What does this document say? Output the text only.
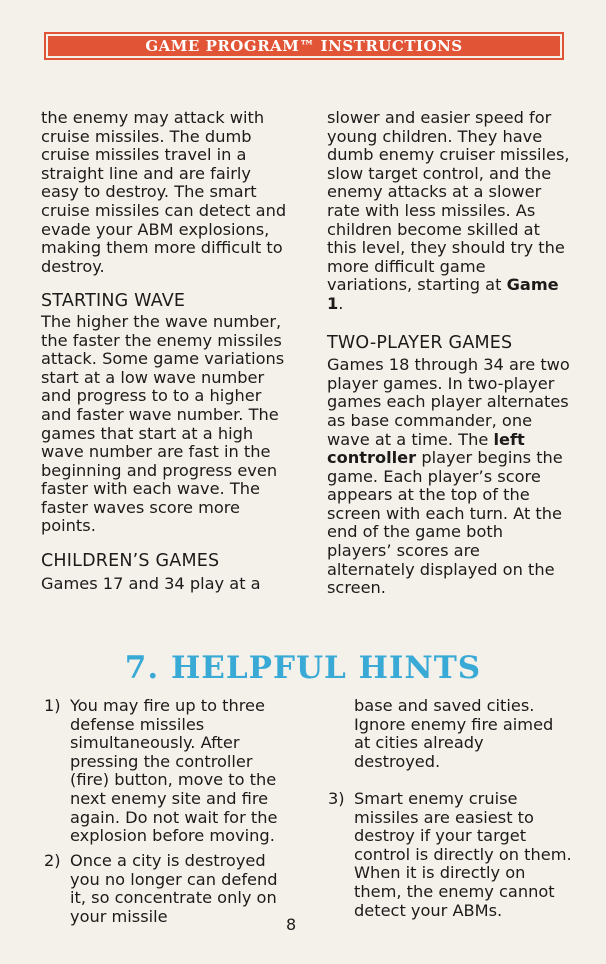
GAME PROGRAM™ INSTRUCTIONS

the enemy may attack with cruise missiles. The dumb cruise missiles travel in a straight line and are fairly easy to destroy. The smart cruise missiles can detect and evade your ABM explosions, making them more difficult to destroy.

STARTING WAVE

The higher the wave number, the faster the enemy missiles attack. Some game variations start at a low wave number and progress to to a higher and faster wave number. The games that start at a high wave number are fast in the beginning and progress even faster with each wave. The faster waves score more points.

CHILDREN’S GAMES

Games 17 and 34 play at a

slower and easier speed for young children. They have dumb enemy cruiser missiles, slow target control, and the enemy attacks at a slower rate with less missiles. As children become skilled at this level, they should try the more difficult game variations, starting at Game 1.

TWO-PLAYER GAMES

Games 18 through 34 are two player games. In two-player games each player alternates as base commander, one wave at a time. The left controller player begins the game. Each player’s score appears at the top of the screen with each turn. At the end of the game both players’ scores are alternately displayed on the screen.

7. HELPFUL HINTS
1) You may fire up to three defense missiles simultaneously. After pressing the controller (fire) button, move to the next enemy site and fire again. Do not wait for the explosion before moving.

2) Once a city is destroyed you no longer can defend it, so concentrate only on your missile

base and saved cities. Ignore enemy fire aimed at cities already destroyed.

3) Smart enemy cruise missiles are easiest to destroy if your target control is directly on them. When it is directly on them, the enemy cannot detect your ABMs.

8
